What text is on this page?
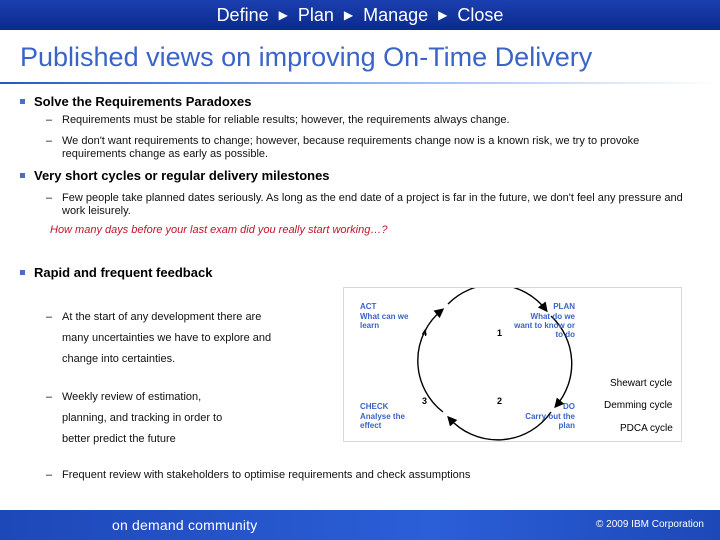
Define ▶ Plan ▶ Manage ▶ Close
Published views on improving On-Time Delivery
Solve the Requirements Paradoxes
– Requirements must be stable for reliable results; however, the requirements always change.
– We don't want requirements to change; however, because requirements change now is a known risk, we try to provoke requirements change as early as possible.
Very short cycles or regular delivery milestones
– Few people take planned dates seriously. As long as the end date of a project is far in the future, we don't feel any pressure and work leisurely.
How many days before your last exam did you really start working…?
Rapid and frequent feedback
– At the start of any development there are many uncertainties we have to explore and change into certainties.
– Weekly review of estimation, planning, and tracking in order to better predict the future
– Frequent review with stakeholders to optimise requirements and check assumptions
ACT
What can we learn
PLAN
What do we want to know or to do
CHECK
Analyse the effect
DO
Carry out the plan
1
2
3
4
Shewart cycle
Demming cycle
PDCA cycle
on demand community	© 2009 IBM Corporation
